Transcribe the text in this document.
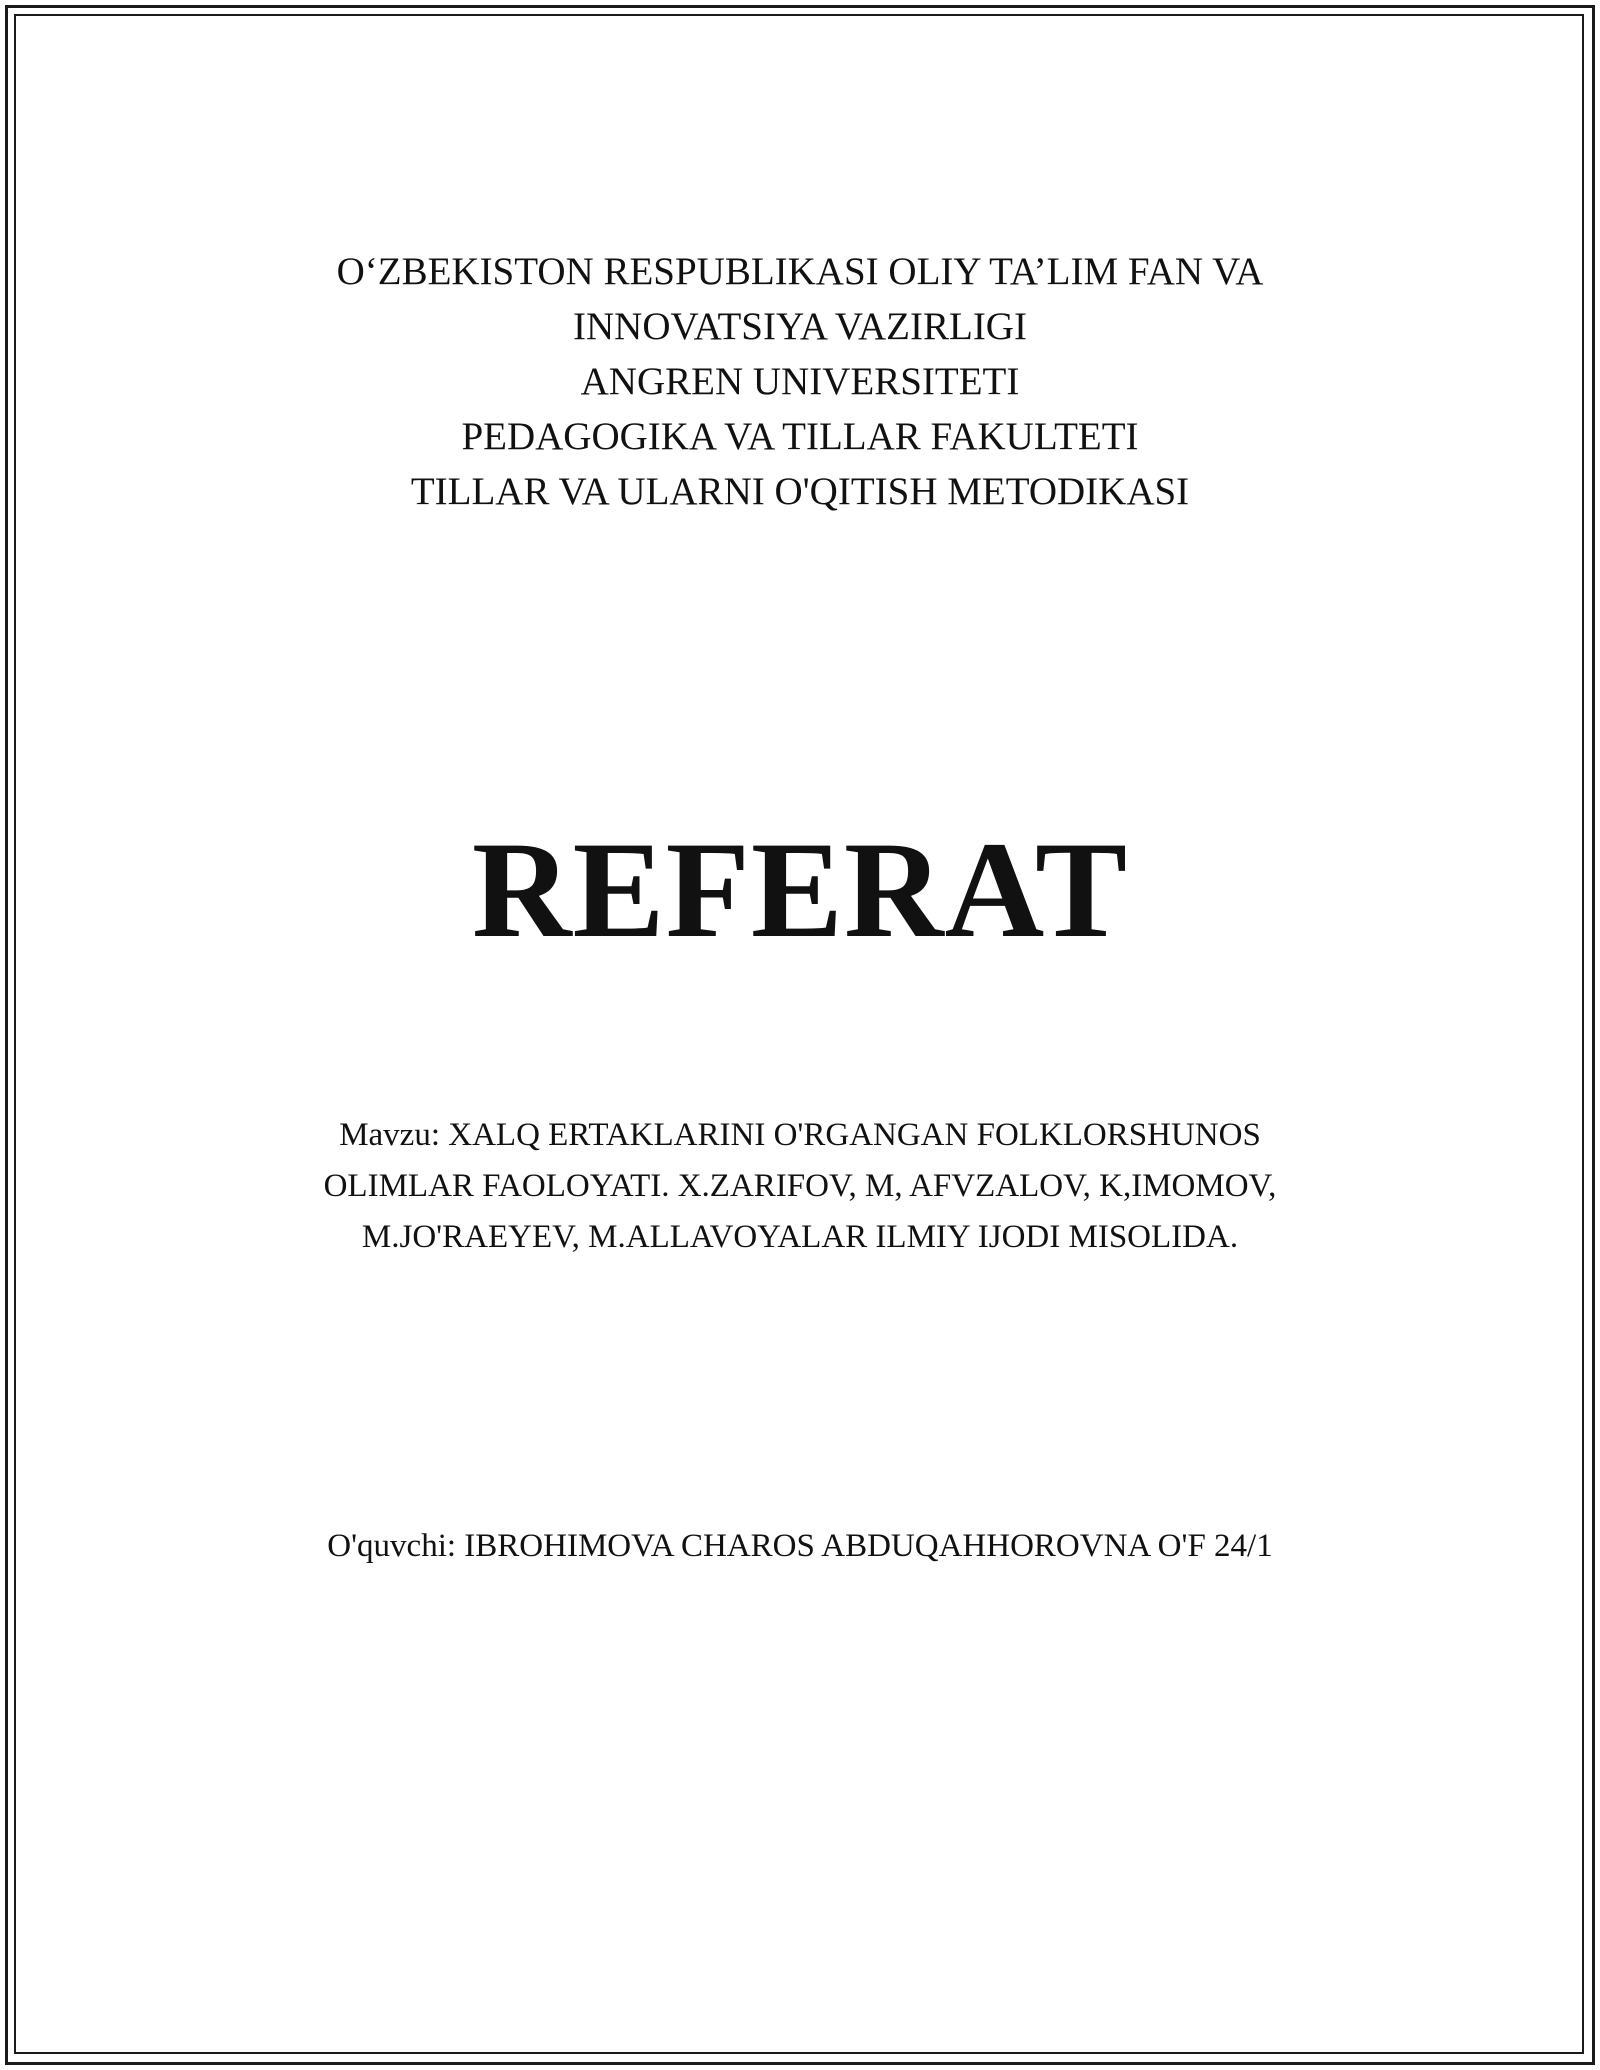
O‘ZBEKISTON RESPUBLIKASI OLIY TA’LIM FAN VA
INNOVATSIYA VAZIRLIGI
ANGREN UNIVERSITETI
PEDAGOGIKA VA TILLAR FAKULTETI
TILLAR VA ULARNI O'QITISH METODIKASI
REFERAT
Mavzu: XALQ ERTAKLARINI O'RGANGAN FOLKLORSHUNOS
OLIMLAR FAOLOYATI. X.ZARIFOV, M, AFVZALOV, K,IMOMOV,
M.JO'RAEYEV, M.ALLAVOYALAR ILMIY IJODI MISOLIDA.
O'quvchi: IBROHIMOVA CHAROS ABDUQAHHOROVNA O'F 24/1
